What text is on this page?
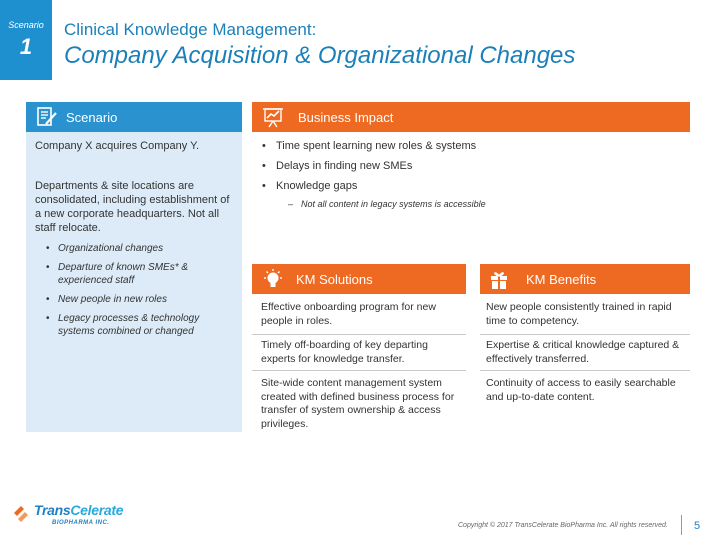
Scenario
1
Clinical Knowledge Management:
Company Acquisition & Organizational Changes
Scenario
Company X acquires Company Y.
Departments & site locations are consolidated, including establishment of a new corporate headquarters. Not all staff relocate.
• Organizational changes
• Departure of known SMEs* & experienced staff
• New people in new roles
• Legacy processes & technology systems combined or changed
Business Impact
• Time spent learning new roles & systems
• Delays in finding new SMEs
• Knowledge gaps
– Not all content in legacy systems is accessible
KM Solutions	KM Benefits
Effective onboarding program for new people in roles.
Timely off-boarding of key departing experts for knowledge transfer.
Site-wide content management system created with defined business process for transfer of system ownership & access privileges.
New people consistently trained in rapid time to competency.
Expertise & critical knowledge captured & effectively transferred.
Continuity of access to easily searchable and up-to-date content.
TransCelerate
BIOPHARMA INC.	Copyright © 2017 TransCelerate BioPharma Inc. All rights reserved. 5
